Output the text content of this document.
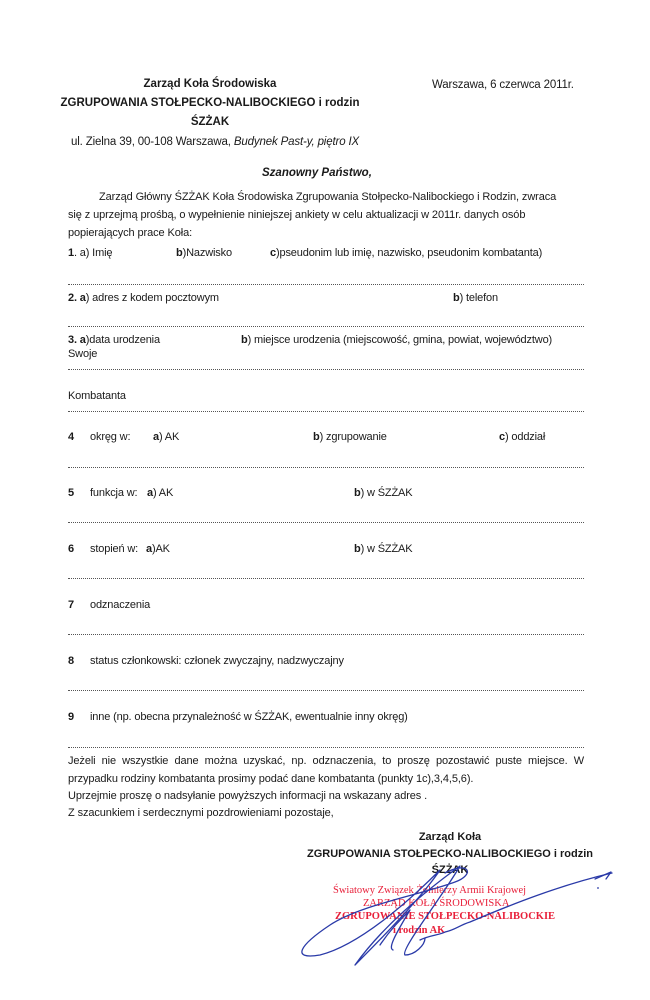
Zarząd Koła Środowiska
ZGRUPOWANIA STOŁPECKO-NALIBOCKIEGO i rodzin
ŚZŻAK
ul. Zielna 39, 00-108 Warszawa, Budynek Past-y, piętro IX
Warszawa, 6 czerwca 2011r.
Szanowny Państwo,
Zarząd Główny ŚZŻAK Koła Środowiska Zgrupowania Stołpecko-Nalibockiego i Rodzin, zwraca
się z uprzejmą prośbą, o wypełnienie niniejszej ankiety w celu aktualizacji w 2011r. danych osób
popierających prace Koła:
1. a) Imię	b)Nazwisko	c)pseudonim lub imię, nazwisko, pseudonim kombatanta)
2. a) adres z kodem pocztowym	b) telefon
3. a)data urodzenia	b) miejsce urodzenia (miejscowość, gmina, powiat, województwo)
Swoje
Kombatanta
4 okręg w: a) AK	b) zgrupowanie	c) oddział
5 funkcja w: a) AK	b) w ŚZŻAK
6 stopień w: a)AK	b) w ŚZŻAK
7 odznaczenia
8 status członkowski: członek zwyczajny, nadzwyczajny
9 inne (np. obecna przynależność w ŚZŻAK, ewentualnie inny okręg)
Jeżeli nie wszystkie dane można uzyskać, np. odznaczenia, to proszę pozostawić puste miejsce. W
przypadku rodziny kombatanta prosimy podać dane kombatanta (punkty 1c),3,4,5,6).
Uprzejmie proszę o nadsyłanie powyższych informacji na wskazany adres .
Z szacunkiem i serdecznymi pozdrowieniami pozostaje,
Zarząd Koła
ZGRUPOWANIA STOŁPECKO-NALIBOCKIEGO i rodzin
ŚZŻAK
Światowy Związek Żołnierzy Armii Krajowej
ZARZĄD KOŁA ŚRODOWISKA
ZGRUPOWANIE STOŁPECKO-NALIBOCKIE
i rodzin AK
